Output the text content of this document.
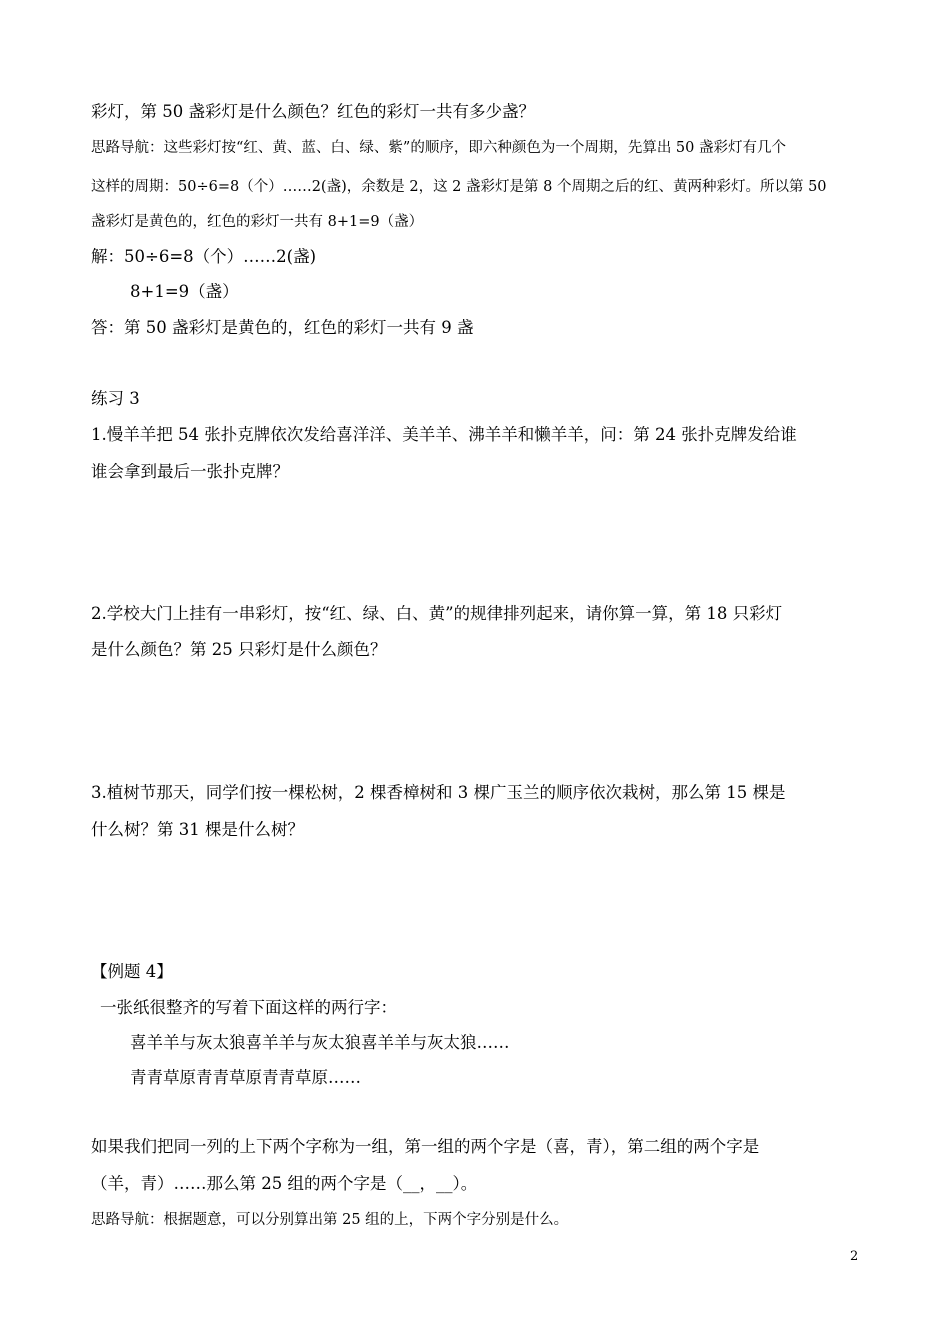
彩灯，第 50 盏彩灯是什么颜色？红色的彩灯一共有多少盏？
思路导航：这些彩灯按“红、黄、蓝、白、绿、紫”的顺序，即六种颜色为一个周期，先算出 50 盏彩灯有几个
这样的周期：50÷6=8（个）……2(盏)，余数是 2，这 2 盏彩灯是第 8 个周期之后的红、黄两种彩灯。所以第 50
盏彩灯是黄色的，红色的彩灯一共有 8+1=9（盏）
解：50÷6=8（个）……2(盏)
8+1=9（盏）
答：第 50 盏彩灯是黄色的，红色的彩灯一共有 9 盏
练习 3
1.慢羊羊把 54 张扑克牌依次发给喜洋洋、美羊羊、沸羊羊和懒羊羊，问：第 24 张扑克牌发给谁
谁会拿到最后一张扑克牌？
2.学校大门上挂有一串彩灯，按“红、绿、白、黄”的规律排列起来，请你算一算，第 18 只彩灯
是什么颜色？第 25 只彩灯是什么颜色？
3.植树节那天，同学们按一棵松树，2 棵香樟树和 3 棵广玉兰的顺序依次栽树，那么第 15 棵是
什么树？第 31 棵是什么树？
【例题 4】
一张纸很整齐的写着下面这样的两行字：
喜羊羊与灰太狼喜羊羊与灰太狼喜羊羊与灰太狼……
青青草原青青草原青青草原……
如果我们把同一列的上下两个字称为一组，第一组的两个字是（喜，青），第二组的两个字是
（羊，青）……那么第 25 组的两个字是（__，__）。
思路导航：根据题意，可以分别算出第 25 组的上，下两个字分别是什么。
2
